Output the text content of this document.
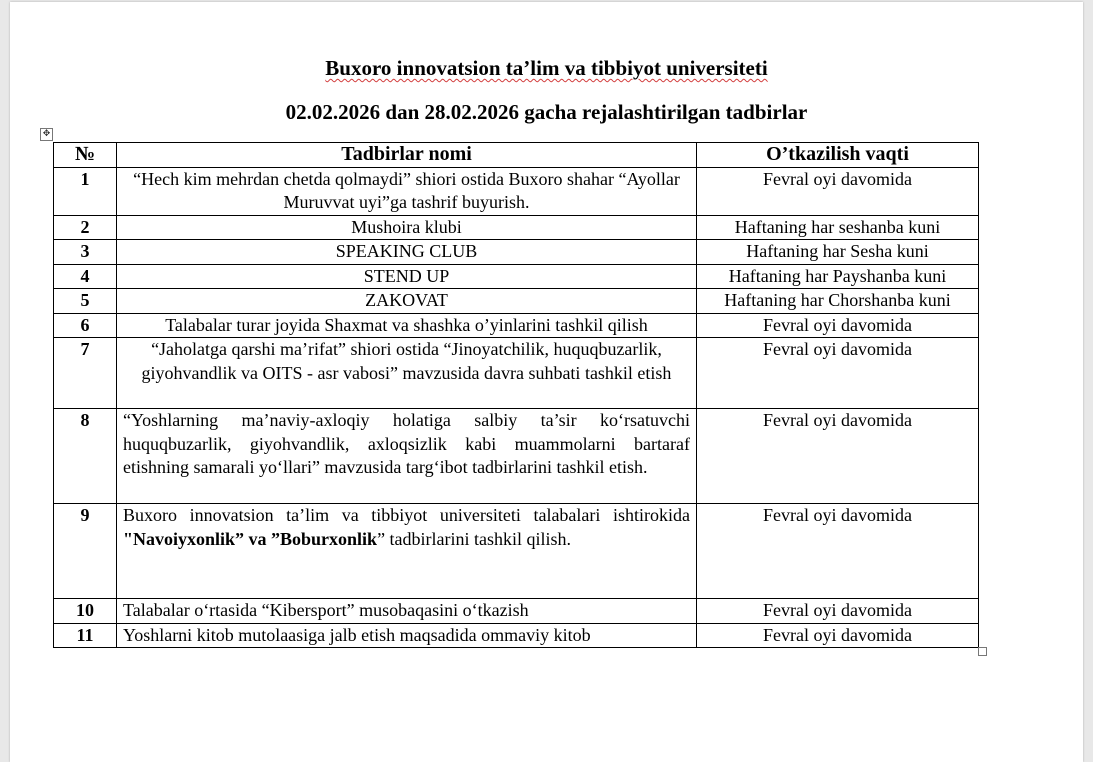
Buxoro innovatsion ta’lim va tibbiyot universiteti
02.02.2026 dan 28.02.2026 gacha rejalashtirilgan tadbirlar
✥
№	Tadbirlar nomi	O’tkazilish vaqti
1	“Hech kim mehrdan chetda qolmaydi” shiori ostida Buxoro shahar “Ayollar Muruvvat uyi”ga tashrif buyurish.	Fevral oyi davomida
2	Mushoira klubi	Haftaning har seshanba kuni
3	SPEAKING CLUB	Haftaning har Sesha kuni
4	STEND UP	Haftaning har Payshanba kuni
5	ZAKOVAT	Haftaning har Chorshanba kuni
6	Talabalar turar joyida Shaxmat va shashka o’yinlarini tashkil qilish	Fevral oyi davomida
7	“Jaholatga qarshi ma’rifat” shiori ostida “Jinoyatchilik, huquqbuzarlik, giyohvandlik va OITS - asr vabosi” mavzusida davra suhbati tashkil etish	Fevral oyi davomida
8	“Yoshlarning ma’naviy-axloqiy holatiga salbiy ta’sir ko‘rsatuvchi huquqbuzarlik, giyohvandlik, axloqsizlik kabi muammolarni bartaraf etishning samarali yo‘llari” mavzusida targ‘ibot tadbirlarini tashkil etish.	Fevral oyi davomida
9	Buxoro innovatsion ta’lim va tibbiyot universiteti talabalari ishtirokida "Navoiyxonlik” va ”Boburxonlik” tadbirlarini tashkil qilish.	Fevral oyi davomida
10	Talabalar o‘rtasida “Kibersport” musobaqasini o‘tkazish	Fevral oyi davomida
11	Yoshlarni kitob mutolaasiga jalb etish maqsadida ommaviy kitob	Fevral oyi davomida
